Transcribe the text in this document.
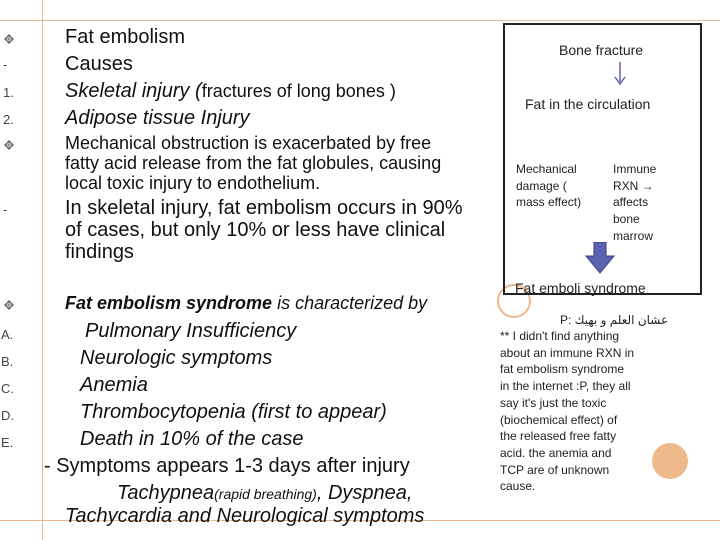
Fat embolism
-	Causes
1.	Skeletal injury (fractures of long bones )
2.	Adipose tissue Injury
Mechanical obstruction is exacerbated by free
fatty acid release from the fat globules, causing
local toxic injury to endothelium.
-	In skeletal injury, fat embolism occurs in 90%
of cases, but only 10% or less have clinical
findings
Fat embolism syndrome is characterized by
A.	Pulmonary Insufficiency
B.	Neurologic symptoms
C.	Anemia
D.	Thrombocytopenia (first to appear)
E.	Death in 10% of the case
- Symptoms appears 1-3 days after injury
Tachypnea(rapid breathing), Dyspnea,
Tachycardia and Neurological symptoms
Bone fracture
Fat in the circulation
Mechanical
damage (
mass effect)
Immune
RXN →
affects
bone
marrow
Fat emboli syndrome
P: عشان العلم و بهيك
** I didn't find anything
about an immune RXN in
fat embolism syndrome
in the internet :P, they all
say it's just the toxic
(biochemical effect) of
the released free fatty
acid. the anemia and
TCP are of unknown
cause.
